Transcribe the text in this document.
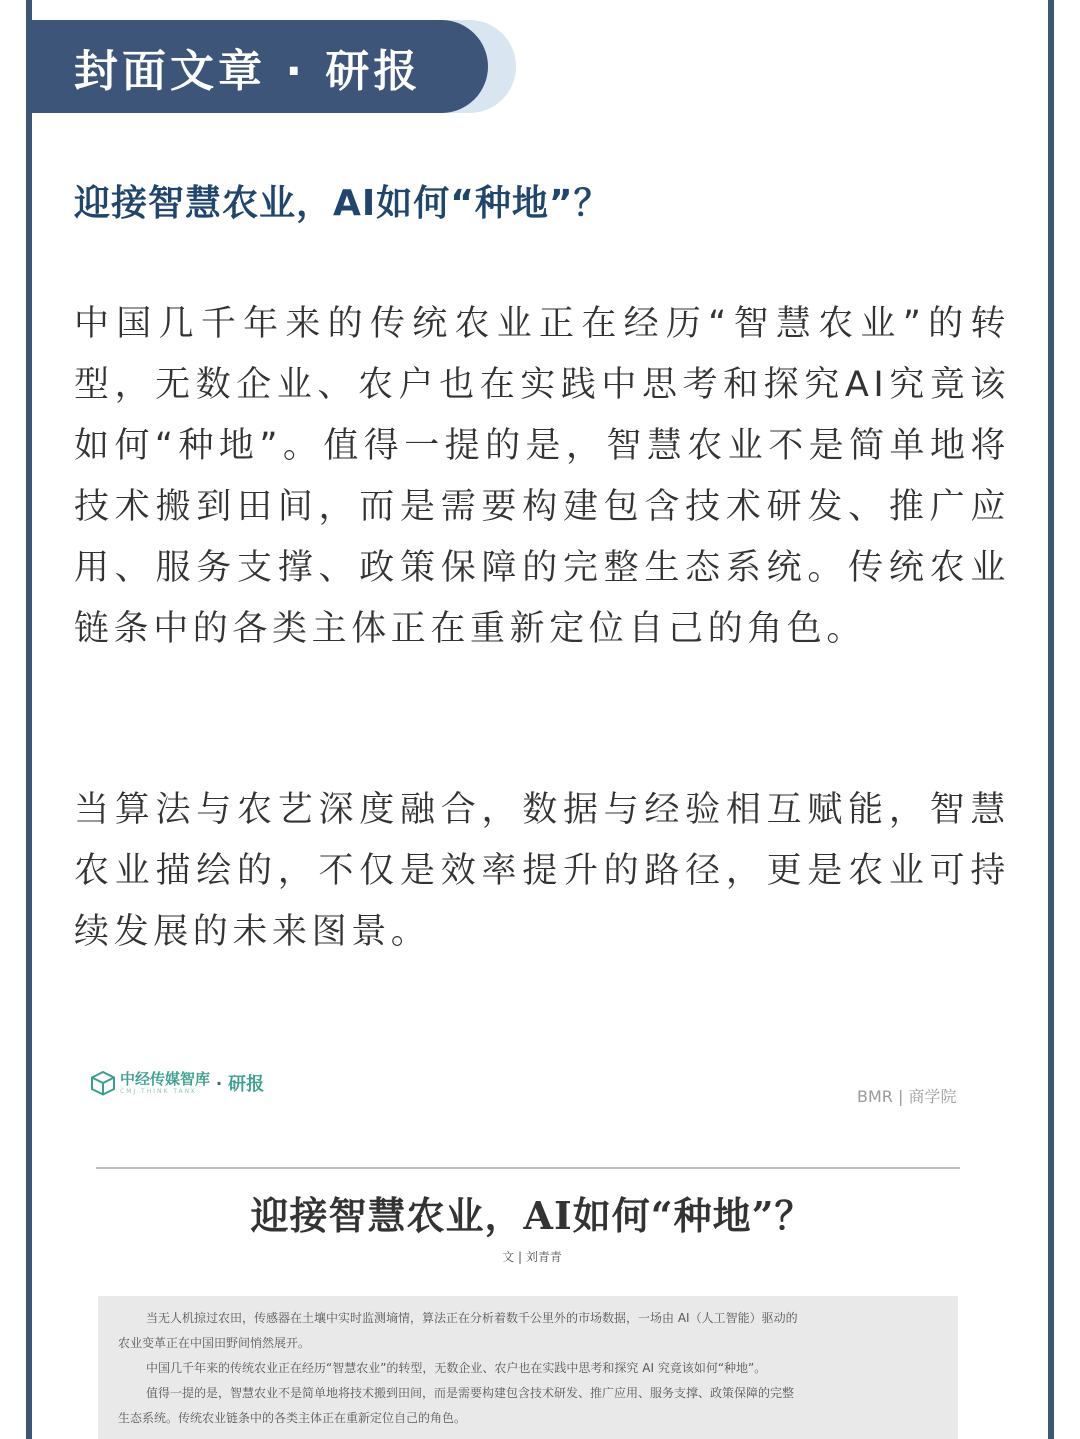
封面文章 · 研报
迎接智慧农业，AI如何“种地”？

中国几千年来的传统农业正在经历“智慧农业”的转型，无数企业、农户也在实践中思考和探究AI究竟该如何“种地”。值得一提的是，智慧农业不是简单地将技术搬到田间，而是需要构建包含技术研发、推广应用、服务支撑、政策保障的完整生态系统。传统农业链条中的各类主体正在重新定位自己的角色。

当算法与农艺深度融合，数据与经验相互赋能，智慧农业描绘的，不仅是效率提升的路径，更是农业可持续发展的未来图景。

中经传媒智库
CMJ THINK TANK	· 研报
BMR | 商学院
迎接智慧农业，AI如何“种地”？
文 | 刘青青

当无人机掠过农田，传感器在土壤中实时监测墒情，算法正在分析着数千公里外的市场数据，一场由 AI（人工智能）驱动的

农业变革正在中国田野间悄然展开。

中国几千年来的传统农业正在经历“智慧农业”的转型，无数企业、农户也在实践中思考和探究 AI 究竟该如何“种地”。

值得一提的是，智慧农业不是简单地将技术搬到田间，而是需要构建包含技术研发、推广应用、服务支撑、政策保障的完整

生态系统。传统农业链条中的各类主体正在重新定位自己的角色。
